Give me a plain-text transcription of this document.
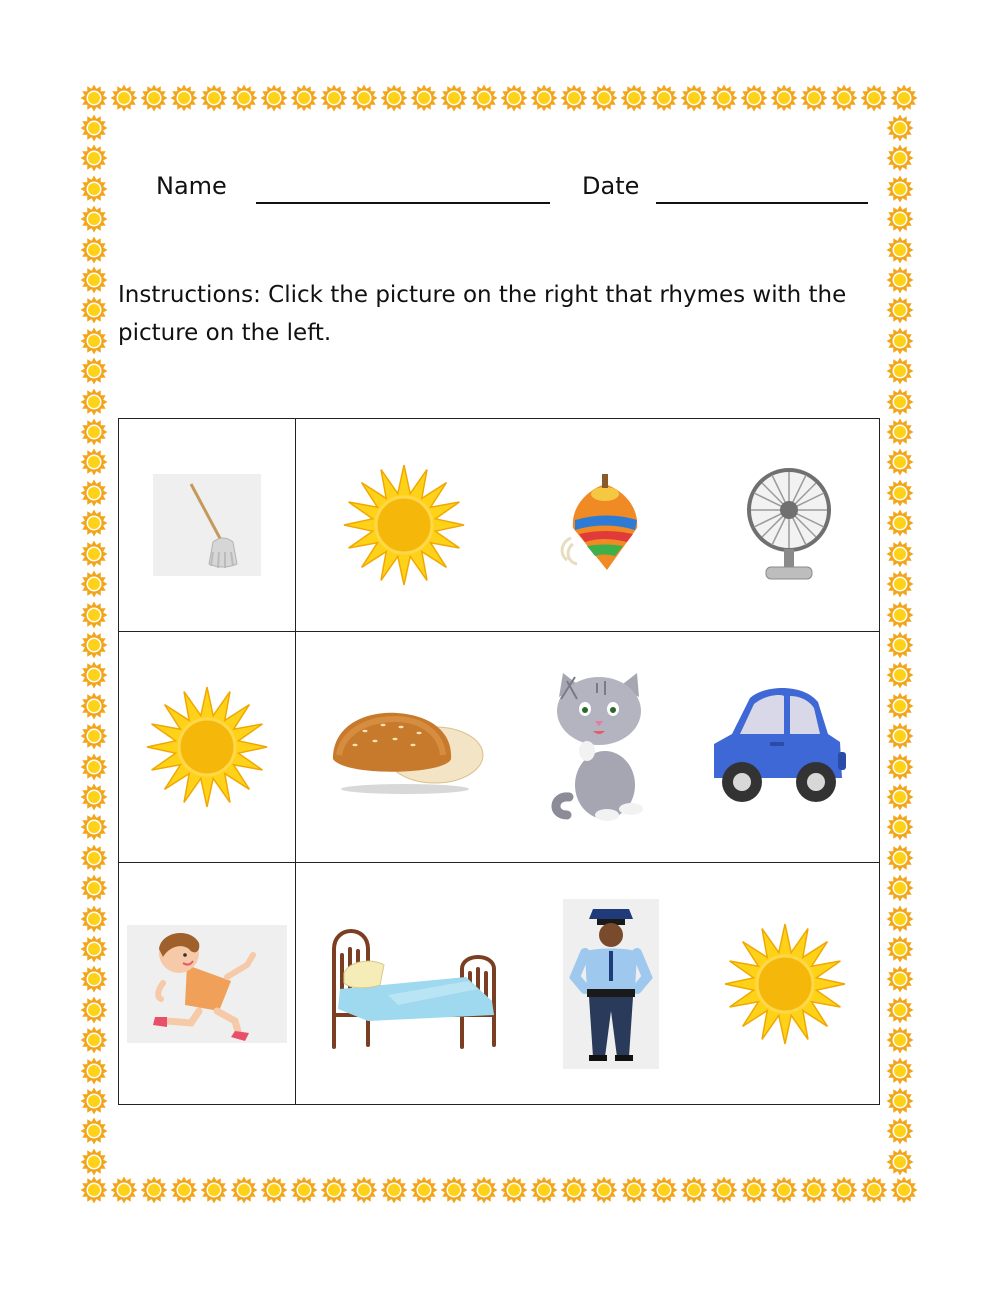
Name	Date
Instructions: Click the picture on the right that rhymes with the picture on the left.
